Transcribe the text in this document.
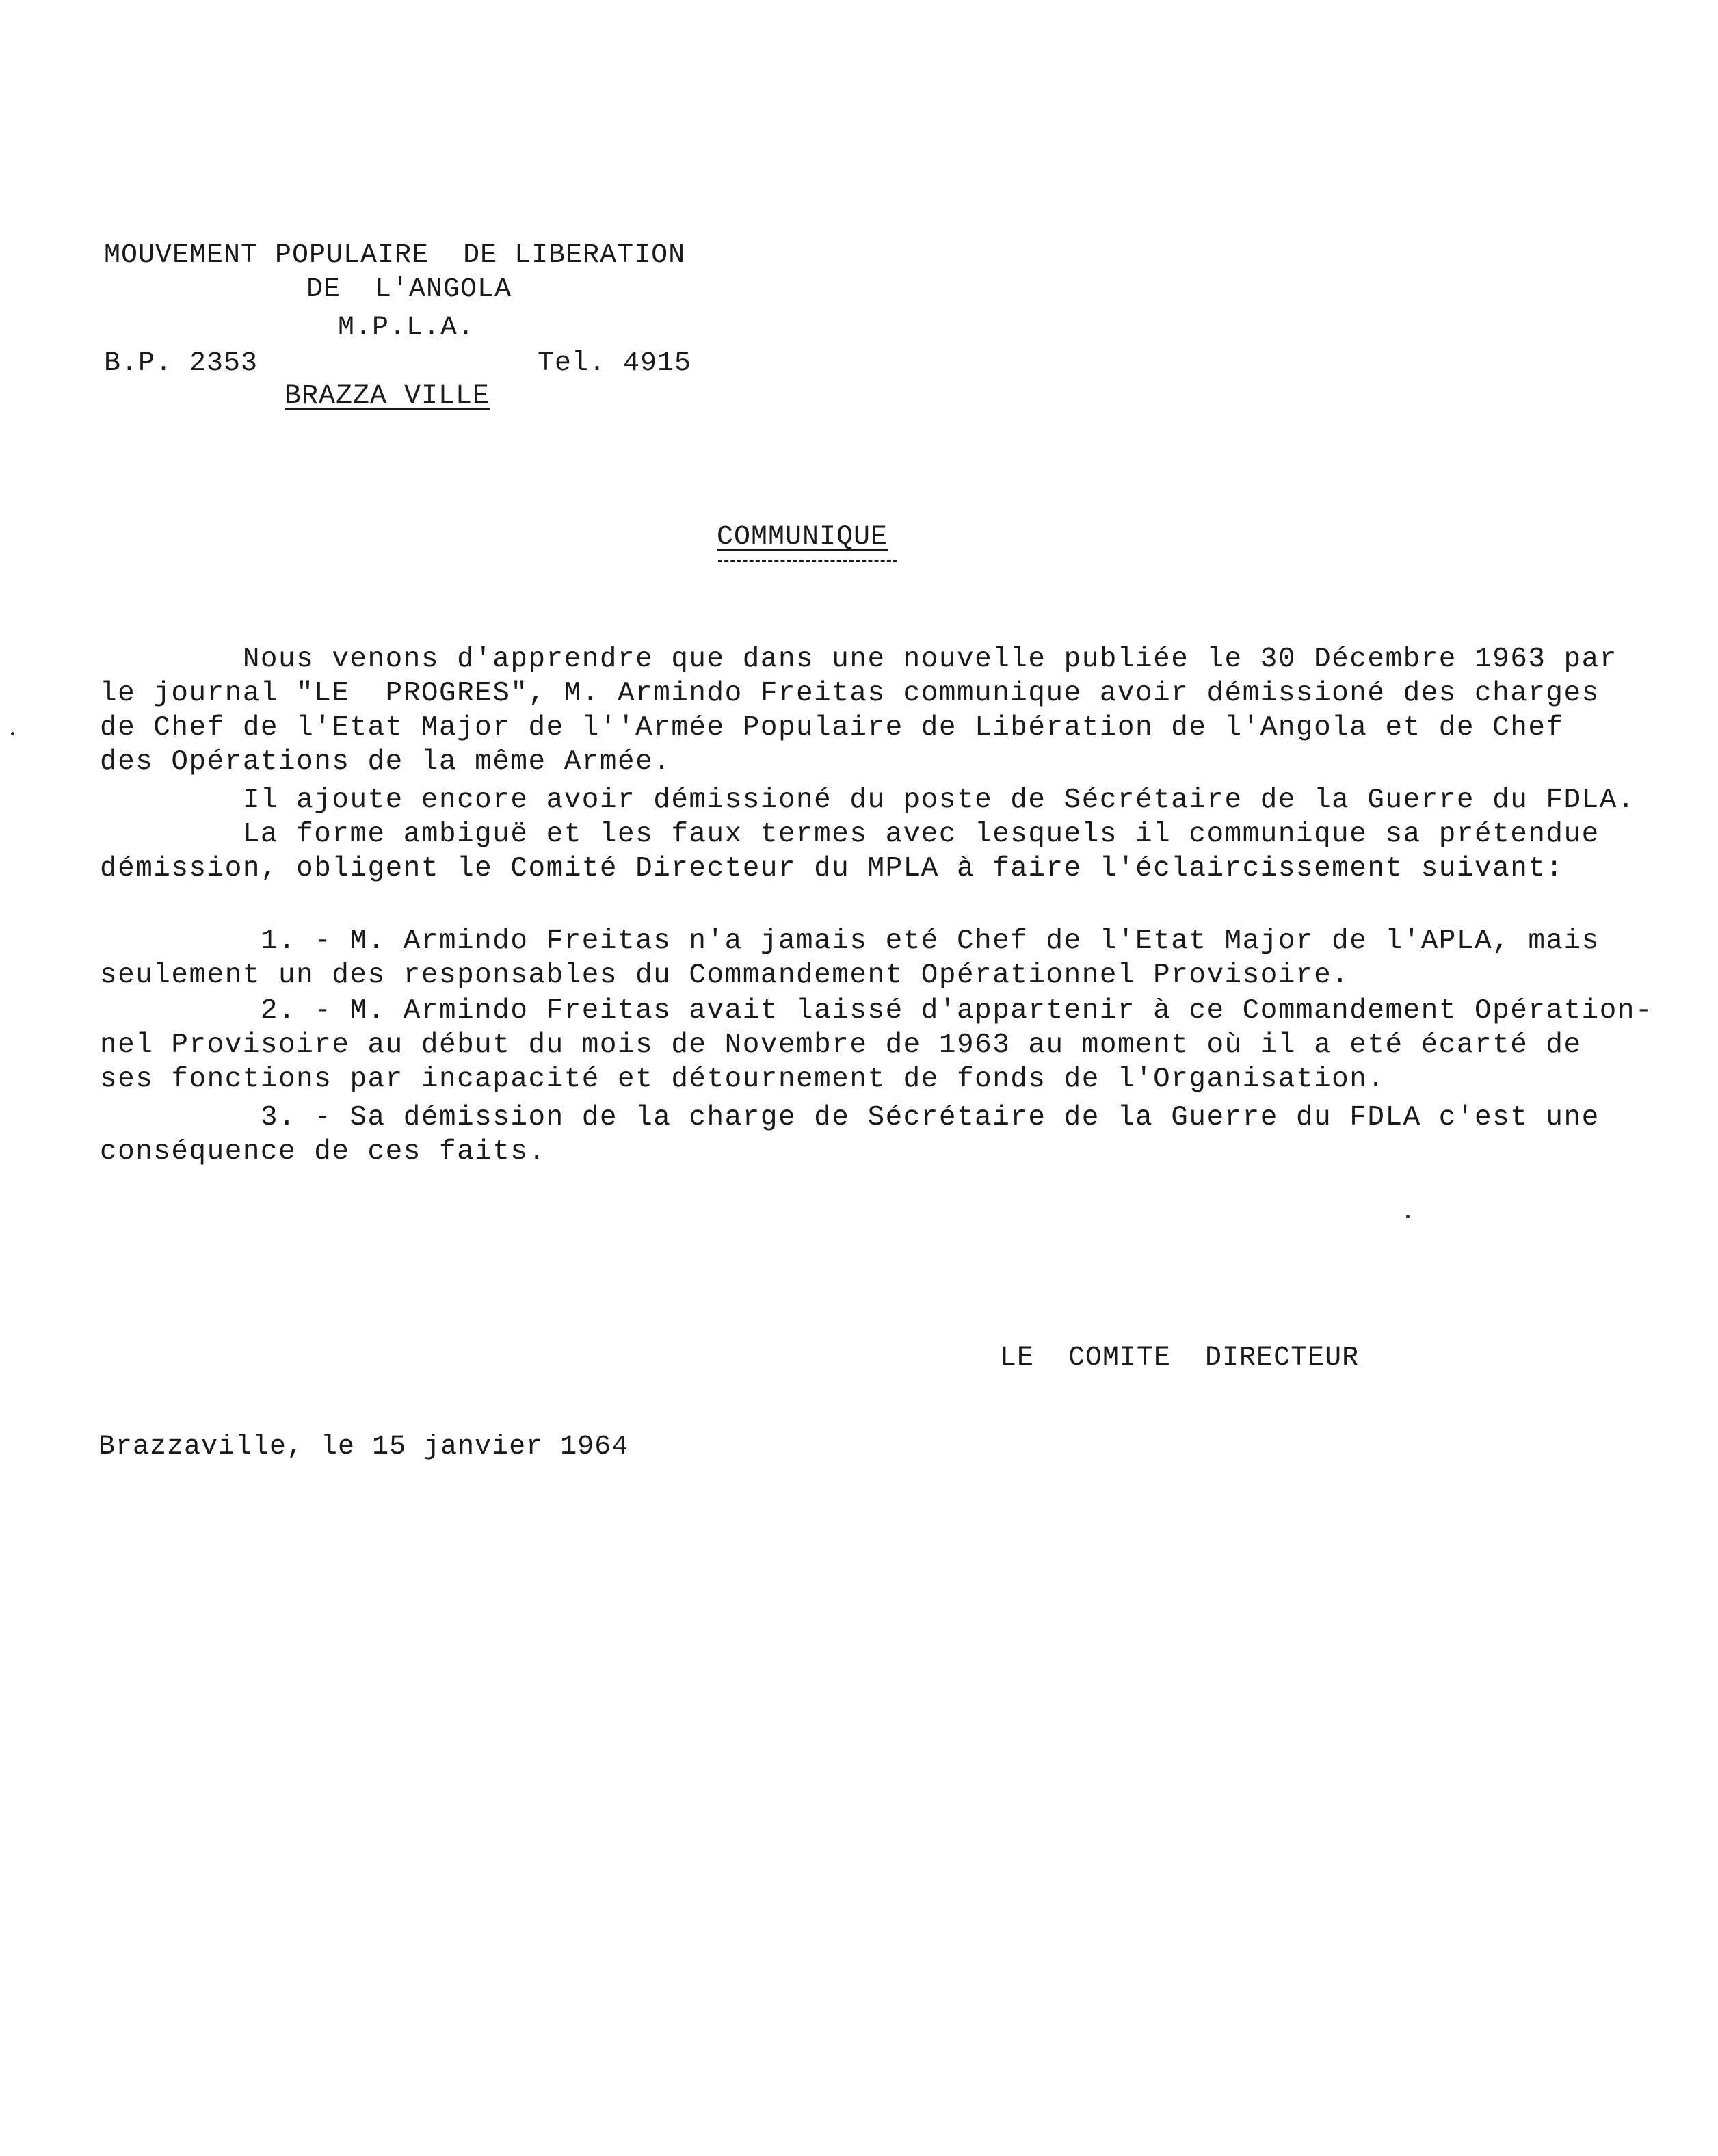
MOUVEMENT POPULAIRE  DE LIBERATION
DE  L'ANGOLA
M.P.L.A.
B.P. 2353	Tel. 4915
BRAZZA VILLE
COMMUNIQUE
Nous venons d'apprendre que dans une nouvelle publiée le 30 Décembre 1963 par
le journal "LE  PROGRES", M. Armindo Freitas communique avoir démissioné des charges
de Chef de l'Etat Major de l''Armée Populaire de Libération de l'Angola et de Chef
des Opérations de la même Armée.
Il ajoute encore avoir démissioné du poste de Sécrétaire de la Guerre du FDLA.
La forme ambiguë et les faux termes avec lesquels il communique sa prétendue
démission, obligent le Comité Directeur du MPLA à faire l'éclaircissement suivant:
1. - M. Armindo Freitas n'a jamais eté Chef de l'Etat Major de l'APLA, mais
seulement un des responsables du Commandement Opérationnel Provisoire.
2. - M. Armindo Freitas avait laissé d'appartenir à ce Commandement Opération-
nel Provisoire au début du mois de Novembre de 1963 au moment où il a eté écarté de
ses fonctions par incapacité et détournement de fonds de l'Organisation.
3. - Sa démission de la charge de Sécrétaire de la Guerre du FDLA c'est une
conséquence de ces faits.
LE  COMITE  DIRECTEUR
Brazzaville, le 15 janvier 1964
